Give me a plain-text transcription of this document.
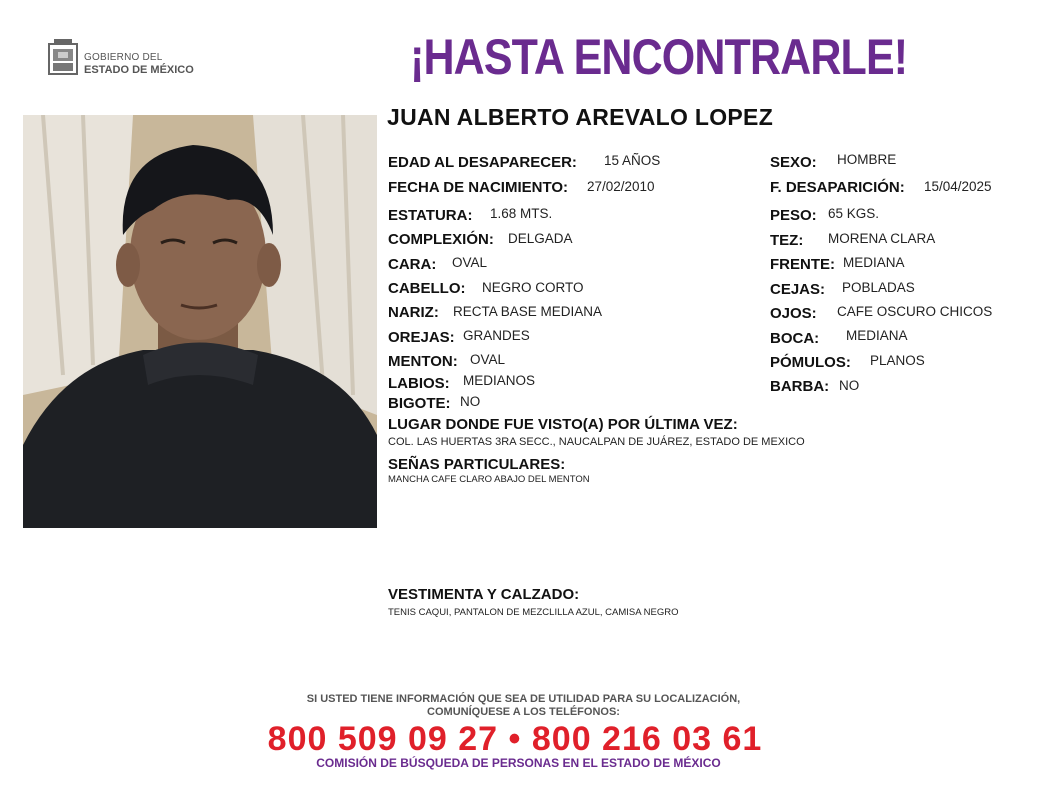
GOBIERNO DEL
ESTADO DE MÉXICO	¡HASTA ENCONTRARLE!
JUAN ALBERTO AREVALO LOPEZ
EDAD AL DESAPARECER: 15 AÑOS
FECHA DE NACIMIENTO: 27/02/2010
ESTATURA: 1.68 MTS.
COMPLEXIÓN: DELGADA
CARA: OVAL
CABELLO: NEGRO CORTO
NARIZ: RECTA BASE MEDIANA
OREJAS: GRANDES
MENTON: OVAL
LABIOS: MEDIANOS
BIGOTE: NO
SEXO: HOMBRE
F. DESAPARICIÓN: 15/04/2025
PESO: 65 KGS.
TEZ: MORENA CLARA
FRENTE: MEDIANA
CEJAS: POBLADAS
OJOS: CAFE OSCURO CHICOS
BOCA: MEDIANA
PÓMULOS: PLANOS
BARBA: NO
LUGAR DONDE FUE VISTO(A) POR ÚLTIMA VEZ:
COL. LAS HUERTAS 3RA SECC., NAUCALPAN DE JUÁREZ, ESTADO DE MEXICO
SEÑAS PARTICULARES:
MANCHA CAFE CLARO ABAJO DEL MENTON
VESTIMENTA Y CALZADO:
TENIS CAQUI, PANTALON DE MEZCLILLA AZUL, CAMISA NEGRO
SI USTED TIENE INFORMACIÓN QUE SEA DE UTILIDAD PARA SU LOCALIZACIÓN,
COMUNÍQUESE A LOS TELÉFONOS:
800 509 09 27 • 800 216 03 61
COMISIÓN DE BÚSQUEDA DE PERSONAS EN EL ESTADO DE MÉXICO
